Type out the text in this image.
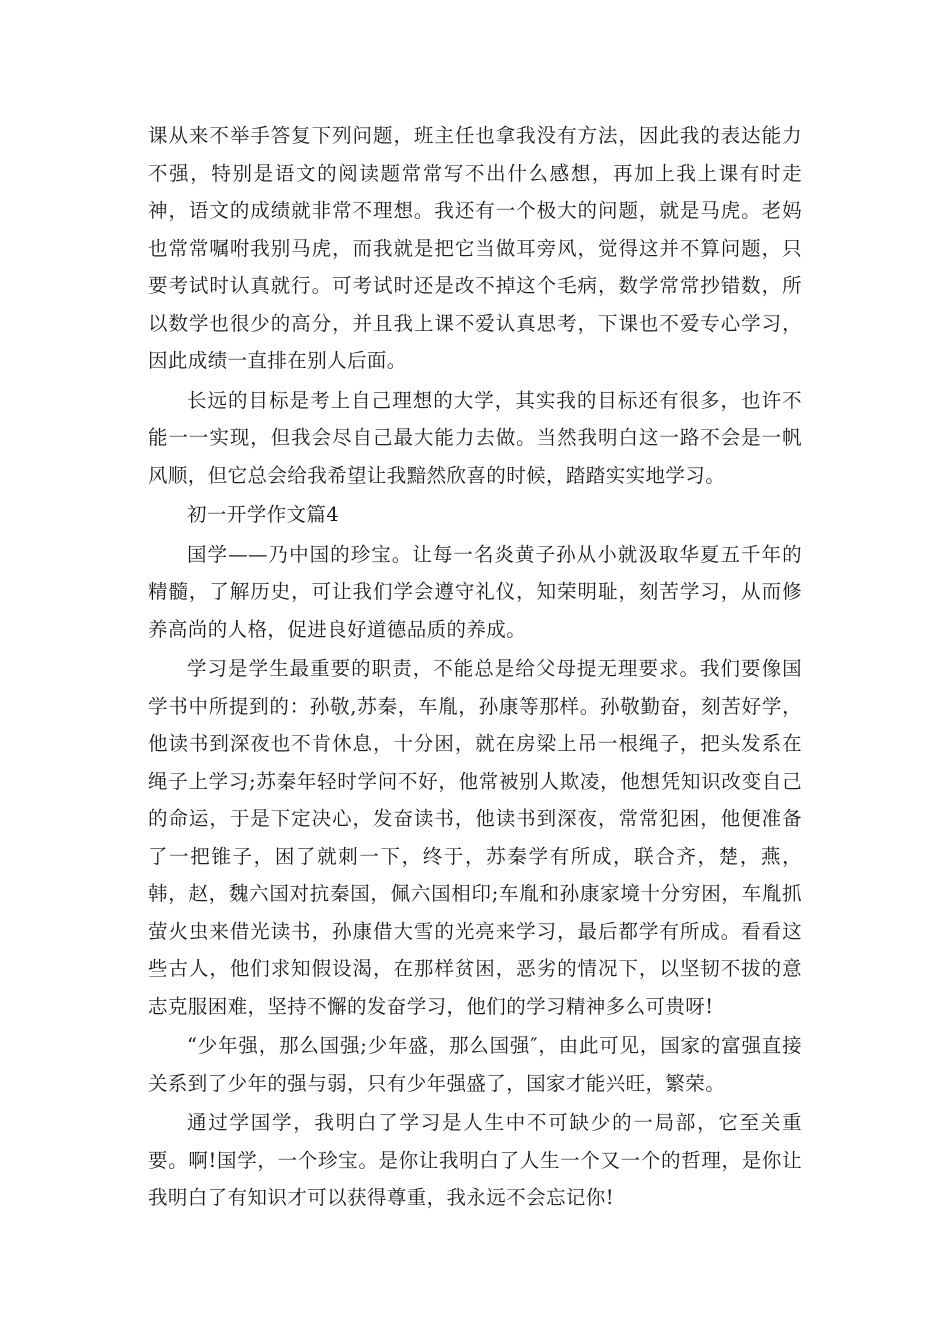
课从来不举手答复下列问题，班主任也拿我没有方法，因此我的表达能力不强，特别是语文的阅读题常常写不出什么感想，再加上我上课有时走神，语文的成绩就非常不理想。我还有一个极大的问题，就是马虎。老妈也常常嘱咐我别马虎，而我就是把它当做耳旁风，觉得这并不算问题，只要考试时认真就行。可考试时还是改不掉这个毛病，数学常常抄错数，所以数学也很少的高分，并且我上课不爱认真思考，下课也不爱专心学习，因此成绩一直排在别人后面。

长远的目标是考上自己理想的大学，其实我的目标还有很多，也许不能一一实现，但我会尽自己最大能力去做。当然我明白这一路不会是一帆风顺，但它总会给我希望让我黯然欣喜的时候，踏踏实实地学习。

初一开学作文篇4

国学——乃中国的珍宝。让每一名炎黄子孙从小就汲取华夏五千年的精髓，了解历史，可让我们学会遵守礼仪，知荣明耻，刻苦学习，从而修养高尚的人格，促进良好道德品质的养成。

学习是学生最重要的职责，不能总是给父母提无理要求。我们要像国学书中所提到的：孙敬,苏秦，车胤，孙康等那样。孙敬勤奋，刻苦好学，他读书到深夜也不肯休息，十分困，就在房梁上吊一根绳子，把头发系在绳子上学习;苏秦年轻时学问不好，他常被别人欺凌，他想凭知识改变自己的命运，于是下定决心，发奋读书，他读书到深夜，常常犯困，他便准备了一把锥子，困了就刺一下，终于，苏秦学有所成，联合齐，楚，燕，韩，赵，魏六国对抗秦国，佩六国相印;车胤和孙康家境十分穷困，车胤抓萤火虫来借光读书，孙康借大雪的光亮来学习，最后都学有所成。看看这些古人，他们求知假设渴，在那样贫困，恶劣的情况下，以坚韧不拔的意志克服困难，坚持不懈的发奋学习，他们的学习精神多么可贵呀!

“少年强，那么国强;少年盛，那么国强″，由此可见，国家的富强直接关系到了少年的强与弱，只有少年强盛了，国家才能兴旺，繁荣。

通过学国学，我明白了学习是人生中不可缺少的一局部，它至关重要。啊!国学，一个珍宝。是你让我明白了人生一个又一个的哲理，是你让我明白了有知识才可以获得尊重，我永远不会忘记你!
